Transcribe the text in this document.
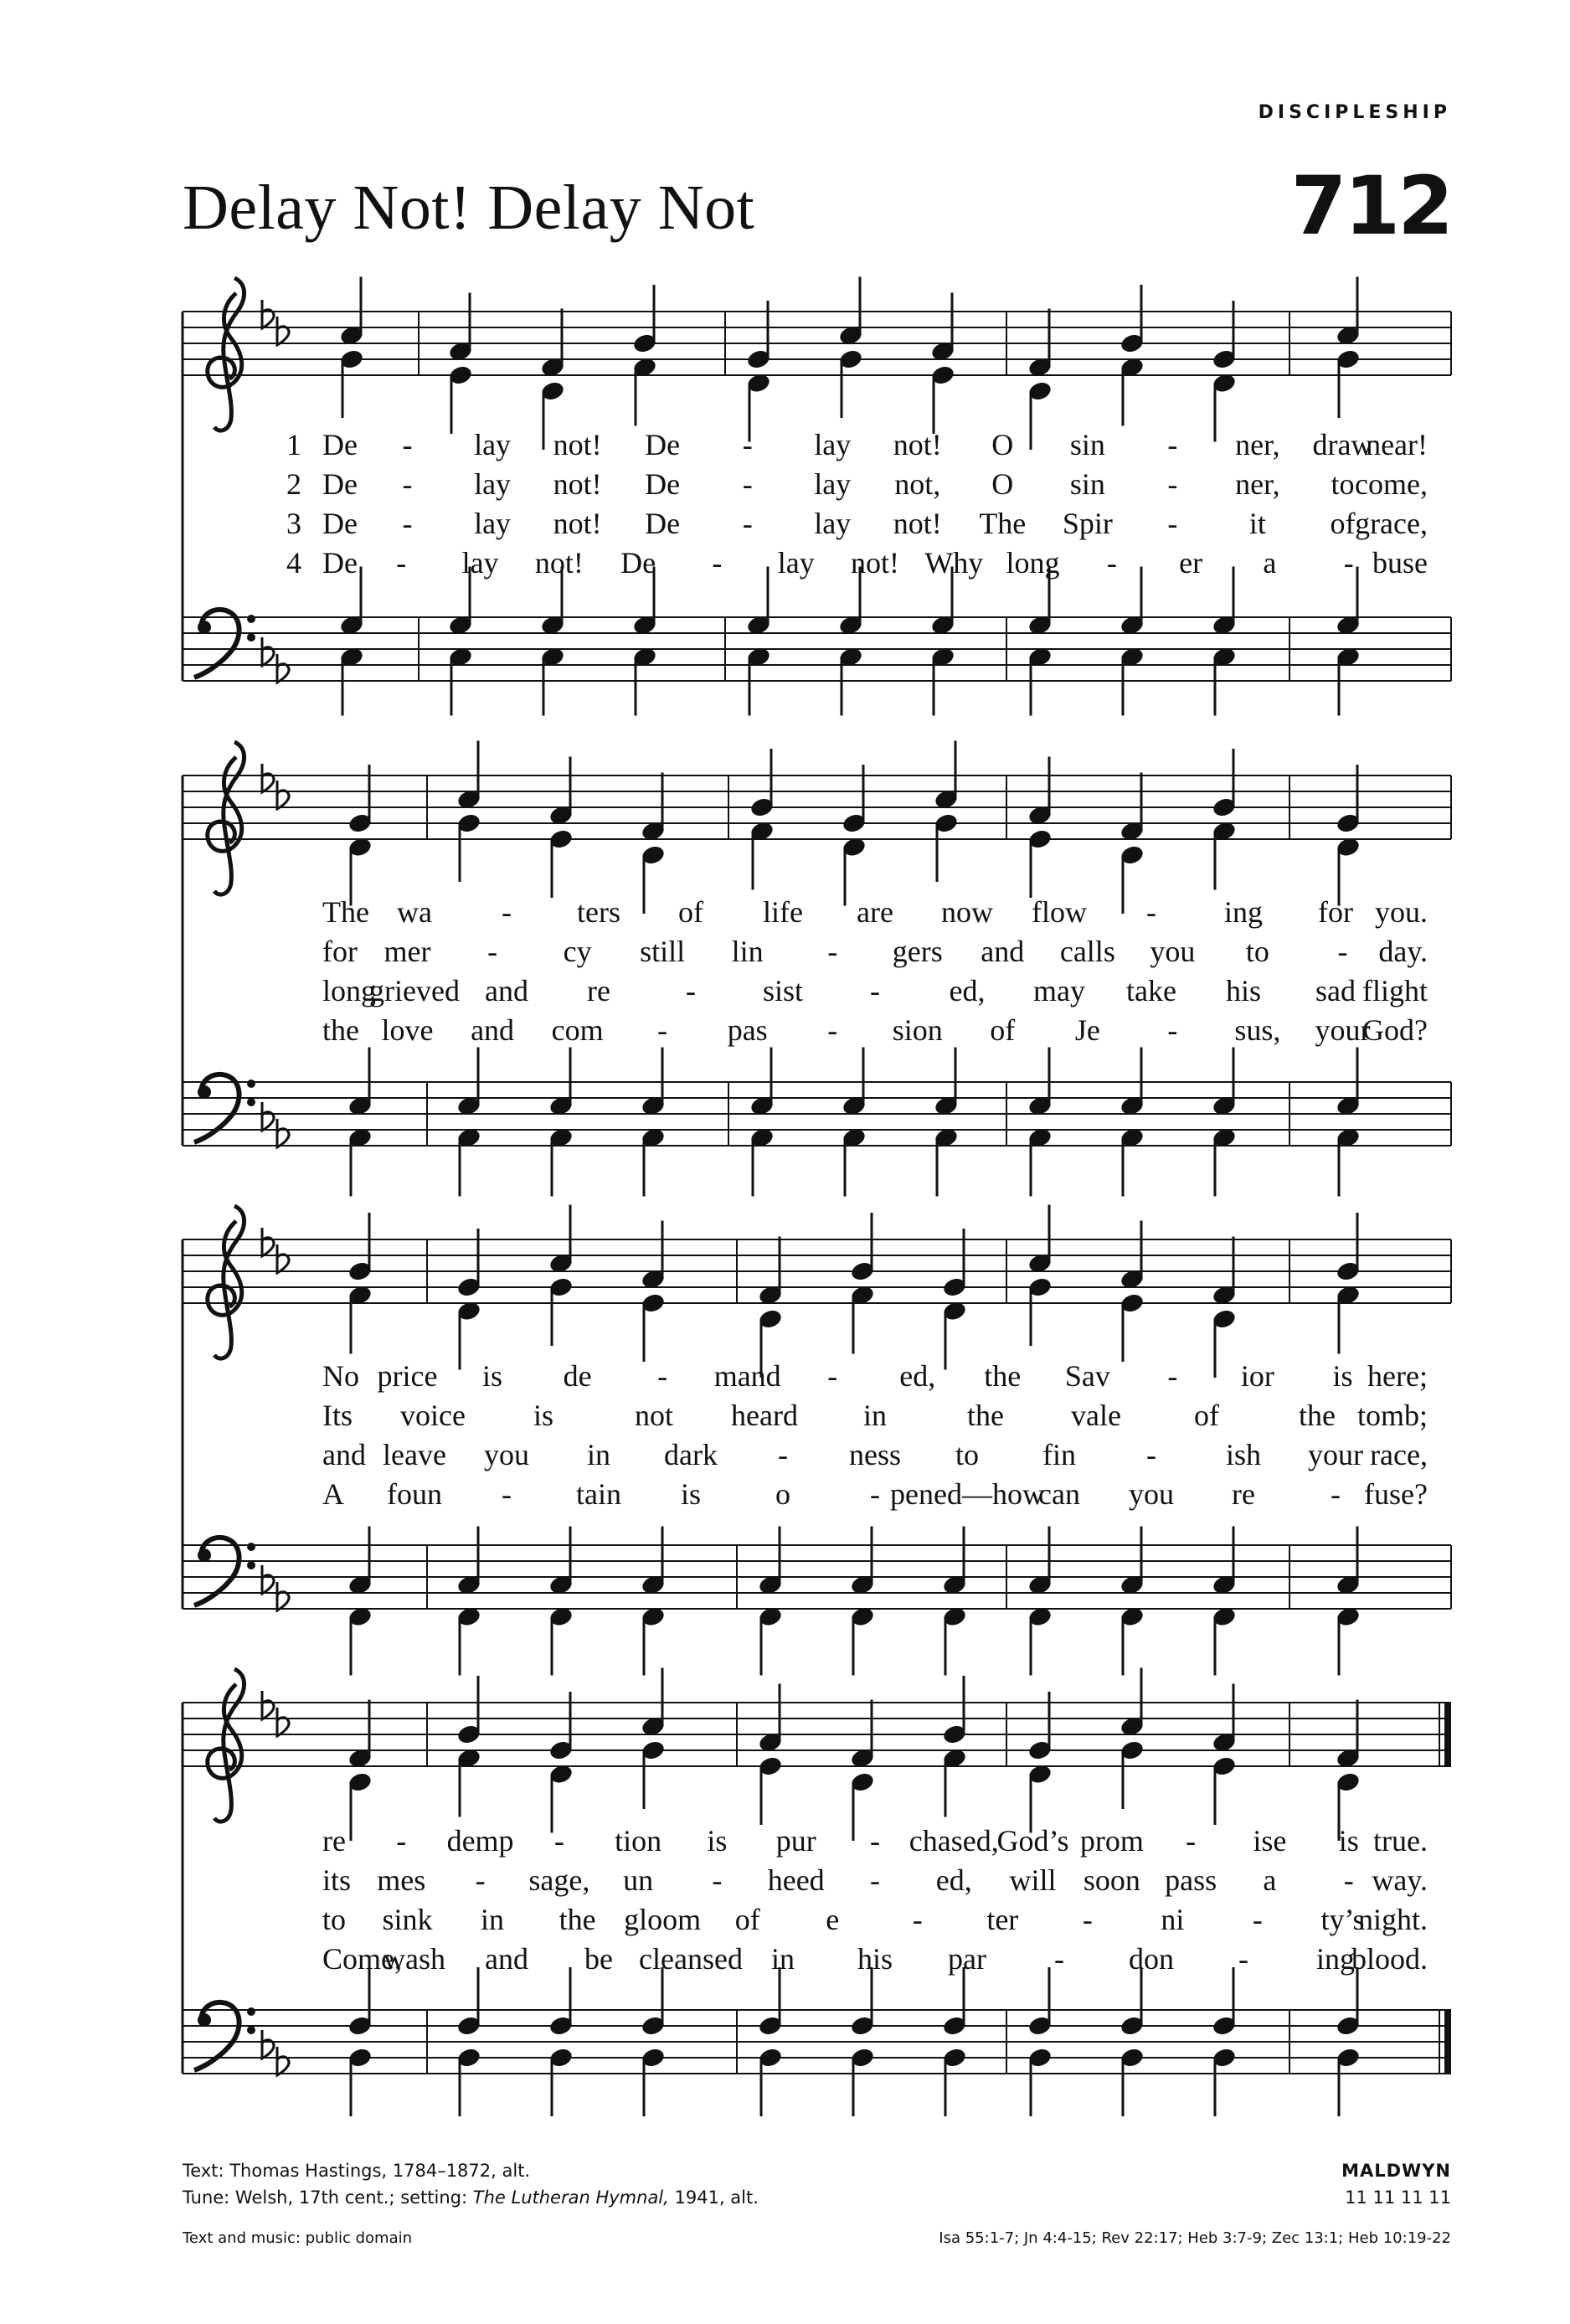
DISCIPLESHIP
Delay Not! Delay Not	712
1 De - lay not! De - lay not! O sin - ner, draw
near!
2 De - lay not! De - lay not, O sin - ner, to come,
3 De - lay not! De - lay not! The Spir - it of grace,
4 De - lay not! De - lay not! Why long - er a - buse
The wa - ters of life are now flow - ing for you.
for mer - cy still lin - gers and calls you to - day.
long
grieved and re	- sist - ed, may take his sad flight
the love and com - pas - sion of Je - sus, your
God?
No price is de - mand - ed, the Sav - ior is here;
Its voice is	not heard in	the vale of	the tomb;
and leave you in dark - ness to fin - ish your race,
A foun - tain is o	- pened—how
can you re	- fuse?
re - demp - tion is pur - chased,
God’s prom - ise is true.
its mes - sage, un - heed - ed, will soon pass a - way.
to sink in the gloom of e - ter - ni - ty’s
night.
Come,
wash and be cleansed in his par - don - ing
blood.
Text: Thomas Hastings, 1784–1872, alt.
Tune: Welsh, 17th cent.; setting: The Lutheran Hymnal, 1941, alt.
Text and music: public domain
MALDWYN
11 11 11 11
Isa 55:1-7; Jn 4:4-15; Rev 22:17; Heb 3:7-9; Zec 13:1; Heb 10:19-22
